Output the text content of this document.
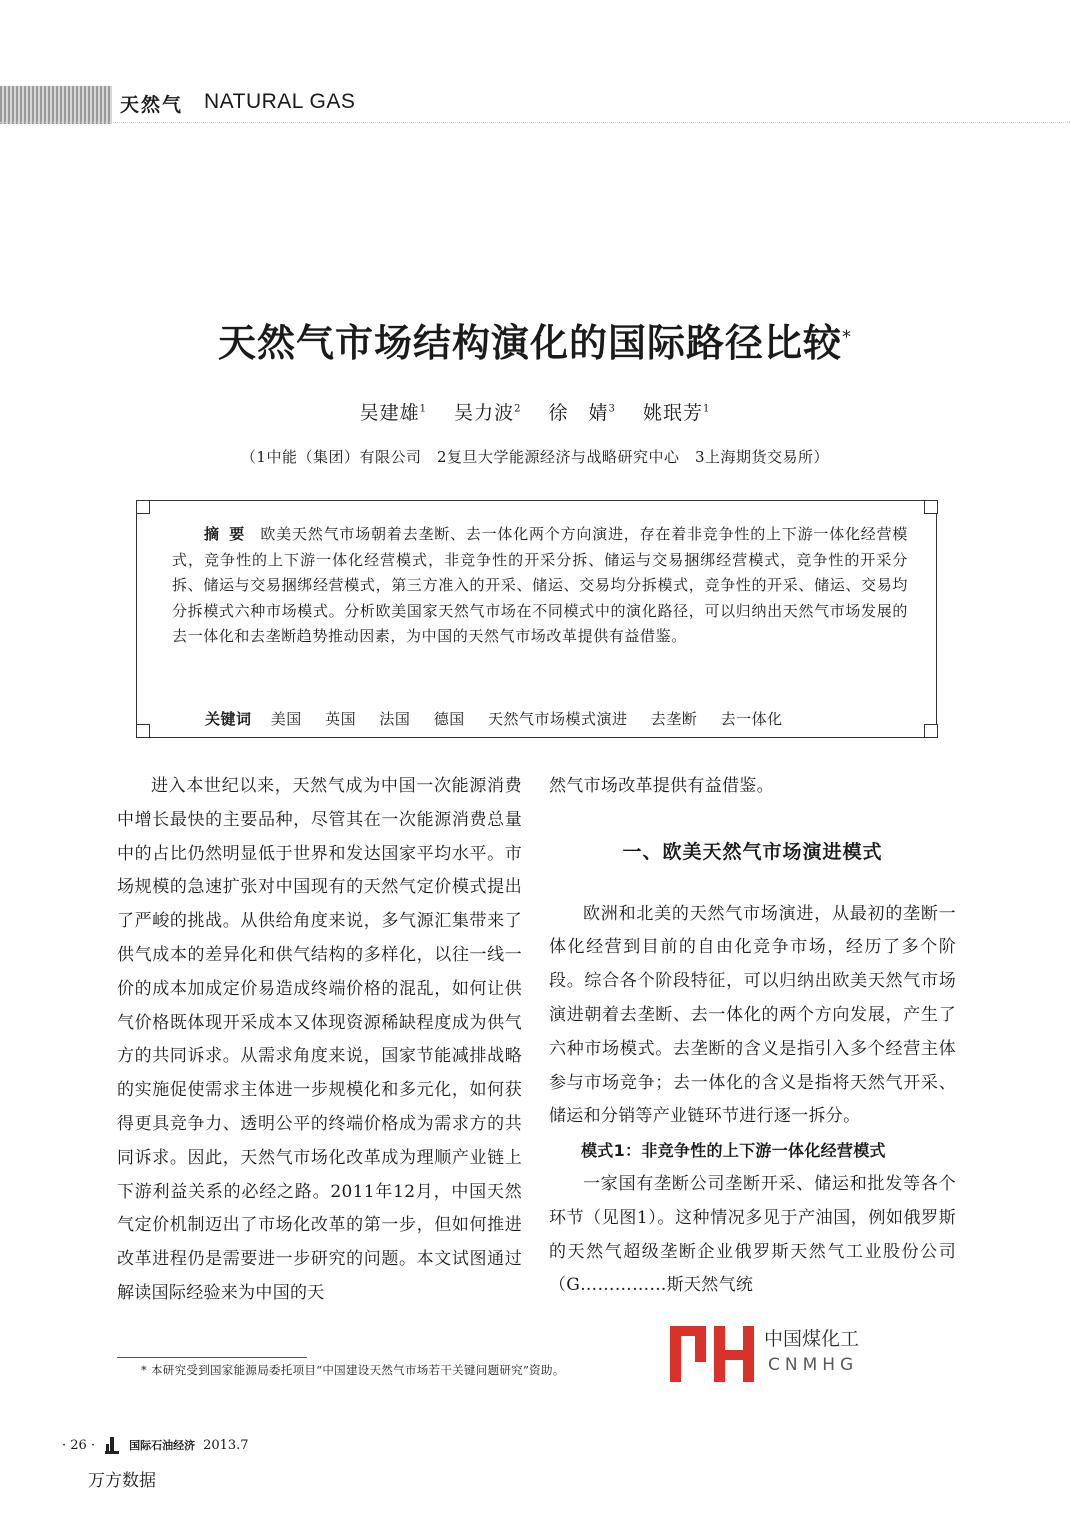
天然气 NATURAL GAS
天然气市场结构演化的国际路径比较*
吴建雄$^1$ 吴力波$^2$ 徐　婧$^3$ 姚珉芳$^1$
（1中能（集团）有限公司　2复旦大学能源经济与战略研究中心　3上海期货交易所）
摘要 欧美天然气市场朝着去垄断、去一体化两个方向演进，存在着非竞争性的上下游一体化经营模式，竞争性的上下游一体化经营模式，非竞争性的开采分拆、储运与交易捆绑经营模式，竞争性的开采分拆、储运与交易捆绑经营模式，第三方准入的开采、储运、交易均分拆模式，竞争性的开采、储运、交易均分拆模式六种市场模式。分析欧美国家天然气市场在不同模式中的演化路径，可以归纳出天然气市场发展的去一体化和去垄断趋势推动因素，为中国的天然气市场改革提供有益借鉴。
关键词 美国 英国 法国 德国 天然气市场模式演进 去垄断 去一体化

进入本世纪以来，天然气成为中国一次能源消费中增长最快的主要品种，尽管其在一次能源消费总量中的占比仍然明显低于世界和发达国家平均水平。市场规模的急速扩张对中国现有的天然气定价模式提出了严峻的挑战。从供给角度来说，多气源汇集带来了供气成本的差异化和供气结构的多样化，以往一线一价的成本加成定价易造成终端价格的混乱，如何让供气价格既体现开采成本又体现资源稀缺程度成为供气方的共同诉求。从需求角度来说，国家节能减排战略的实施促使需求主体进一步规模化和多元化，如何获得更具竞争力、透明公平的终端价格成为需求方的共同诉求。因此，天然气市场化改革成为理顺产业链上下游利益关系的必经之路。2011年12月，中国天然气定价机制迈出了市场化改革的第一步，但如何推进改革进程仍是需要进一步研究的问题。本文试图通过解读国际经验来为中国的天

然气市场改革提供有益借鉴。

一、欧美天然气市场演进模式

欧洲和北美的天然气市场演进，从最初的垄断一体化经营到目前的自由化竞争市场，经历了多个阶段。综合各个阶段特征，可以归纳出欧美天然气市场演进朝着去垄断、去一体化的两个方向发展，产生了六种市场模式。去垄断的含义是指引入多个经营主体参与市场竞争；去一体化的含义是指将天然气开采、储运和分销等产业链环节进行逐一拆分。

模式1：非竞争性的上下游一体化经营模式

一家国有垄断公司垄断开采、储运和批发等各个环节（见图1）。这种情况多见于产油国，例如俄罗斯的天然气超级垄断企业俄罗斯天然气工业股份公司（G……………斯天然气统

* 本研究受到国家能源局委托项目“中国建设天然气市场若干关键问题研究”资助。
· 26 ·	国际石油经济 2013.7
万方数据
中国煤化工
CNMHG
